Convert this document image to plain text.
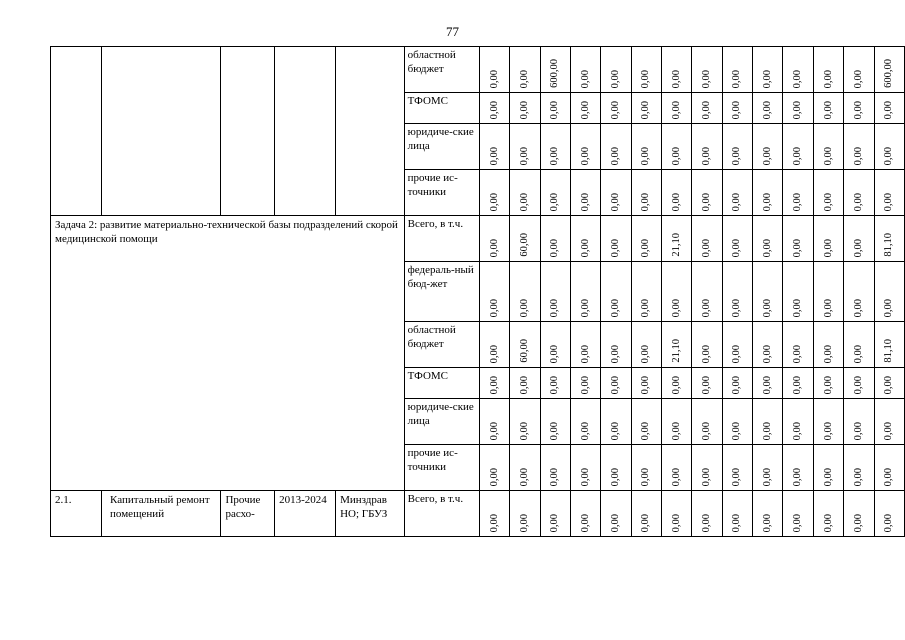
77
					областной бюджет	0,00	0,00	600,00	0,00	0,00	0,00	0,00	0,00	0,00	0,00	0,00	0,00	0,00	600,00
					ТФОМС	0,00	0,00	0,00	0,00	0,00	0,00	0,00	0,00	0,00	0,00	0,00	0,00	0,00	0,00
					юридиче-ские лица	0,00	0,00	0,00	0,00	0,00	0,00	0,00	0,00	0,00	0,00	0,00	0,00	0,00	0,00
					прочие ис-точники	0,00	0,00	0,00	0,00	0,00	0,00	0,00	0,00	0,00	0,00	0,00	0,00	0,00	0,00
Задача 2: развитие материально-технической базы подразделений скорой медицинской помощи					Всего, в т.ч.	0,00	60,00	0,00	0,00	0,00	0,00	21,10	0,00	0,00	0,00	0,00	0,00	0,00	81,10
					федераль-ный бюд-жет	0,00	0,00	0,00	0,00	0,00	0,00	0,00	0,00	0,00	0,00	0,00	0,00	0,00	0,00
					областной бюджет	0,00	60,00	0,00	0,00	0,00	0,00	21,10	0,00	0,00	0,00	0,00	0,00	0,00	81,10
					ТФОМС	0,00	0,00	0,00	0,00	0,00	0,00	0,00	0,00	0,00	0,00	0,00	0,00	0,00	0,00
					юридиче-ские лица	0,00	0,00	0,00	0,00	0,00	0,00	0,00	0,00	0,00	0,00	0,00	0,00	0,00	0,00
					прочие ис-точники	0,00	0,00	0,00	0,00	0,00	0,00	0,00	0,00	0,00	0,00	0,00	0,00	0,00	0,00
2.1.	Капитальный ремонт помещений	Прочие расхо-	2013-2024	Минздрав НО; ГБУЗ	Всего, в т.ч.	0,00	0,00	0,00	0,00	0,00	0,00	0,00	0,00	0,00	0,00	0,00	0,00	0,00	0,00
